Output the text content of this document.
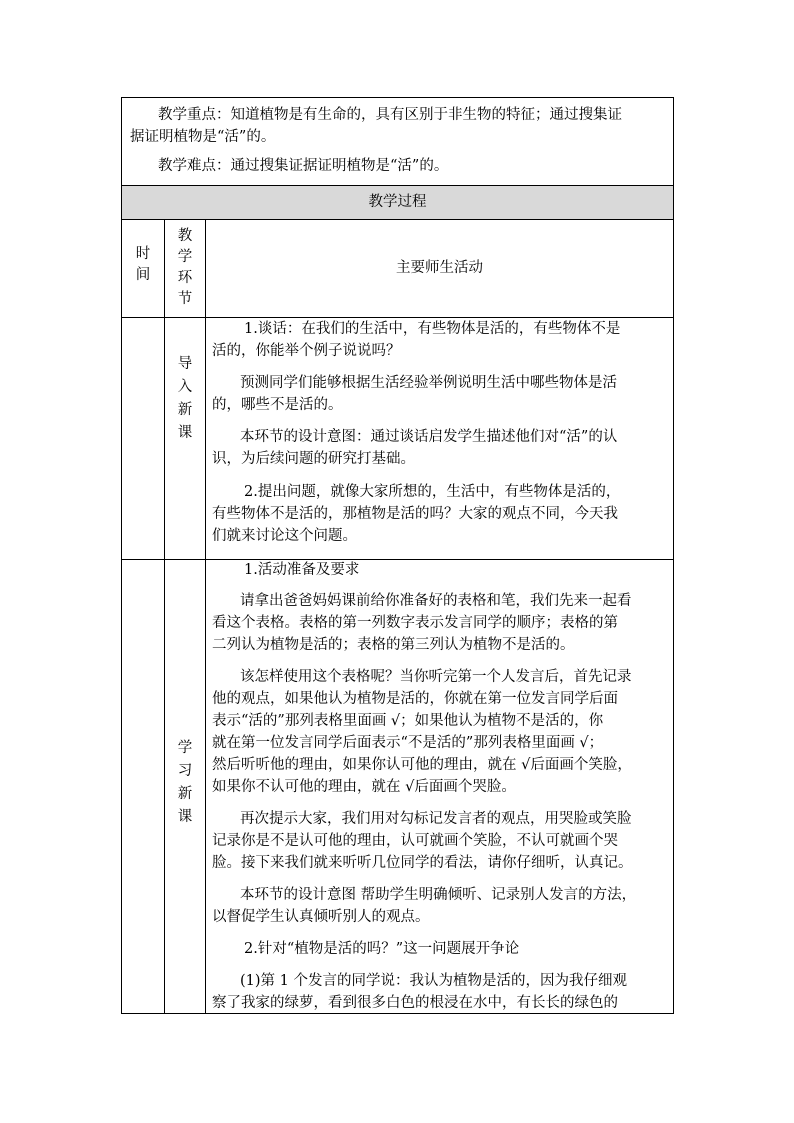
教学重点：知道植物是有生命的，具有区别于非生物的特征；通过搜集证

据证明植物是“活”的。

教学难点：通过搜集证据证明植物是“活”的。

教学过程
时
间
教
学
环
节
主要师生活动
导
入
新
课

1.谈话：在我们的生活中，有些物体是活的，有些物体不是

活的，你能举个例子说说吗？

预测同学们能够根据生活经验举例说明生活中哪些物体是活

的，哪些不是活的。

本环节的设计意图：通过谈话启发学生描述他们对“活”的认

识，为后续问题的研究打基础。

2.提出问题，就像大家所想的，生活中，有些物体是活的，

有些物体不是活的，那植物是活的吗？大家的观点不同，今天我

们就来讨论这个问题。

学
习
新
课

1.活动准备及要求

请拿出爸爸妈妈课前给你准备好的表格和笔，我们先来一起看

看这个表格。表格的第一列数字表示发言同学的顺序；表格的第

二列认为植物是活的；表格的第三列认为植物不是活的。

该怎样使用这个表格呢？当你听完第一个人发言后，首先记录

他的观点，如果他认为植物是活的，你就在第一位发言同学后面

表示“活的”那列表格里面画 √；如果他认为植物不是活的，你

就在第一位发言同学后面表示“不是活的”那列表格里面画 √；

然后听听他的理由，如果你认可他的理由，就在 √后面画个笑脸，

如果你不认可他的理由，就在 √后面画个哭脸。

再次提示大家，我们用对勾标记发言者的观点，用哭脸或笑脸

记录你是不是认可他的理由，认可就画个笑脸，不认可就画个哭

脸。接下来我们就来听听几位同学的看法，请你仔细听，认真记。

本环节的设计意图 帮助学生明确倾听、记录别人发言的方法，

以督促学生认真倾听别人的观点。

2.针对“植物是活的吗？”这一问题展开争论

(1)第 1 个发言的同学说：我认为植物是活的，因为我仔细观

察了我家的绿萝，看到很多白色的根浸在水中，有长长的绿色的
